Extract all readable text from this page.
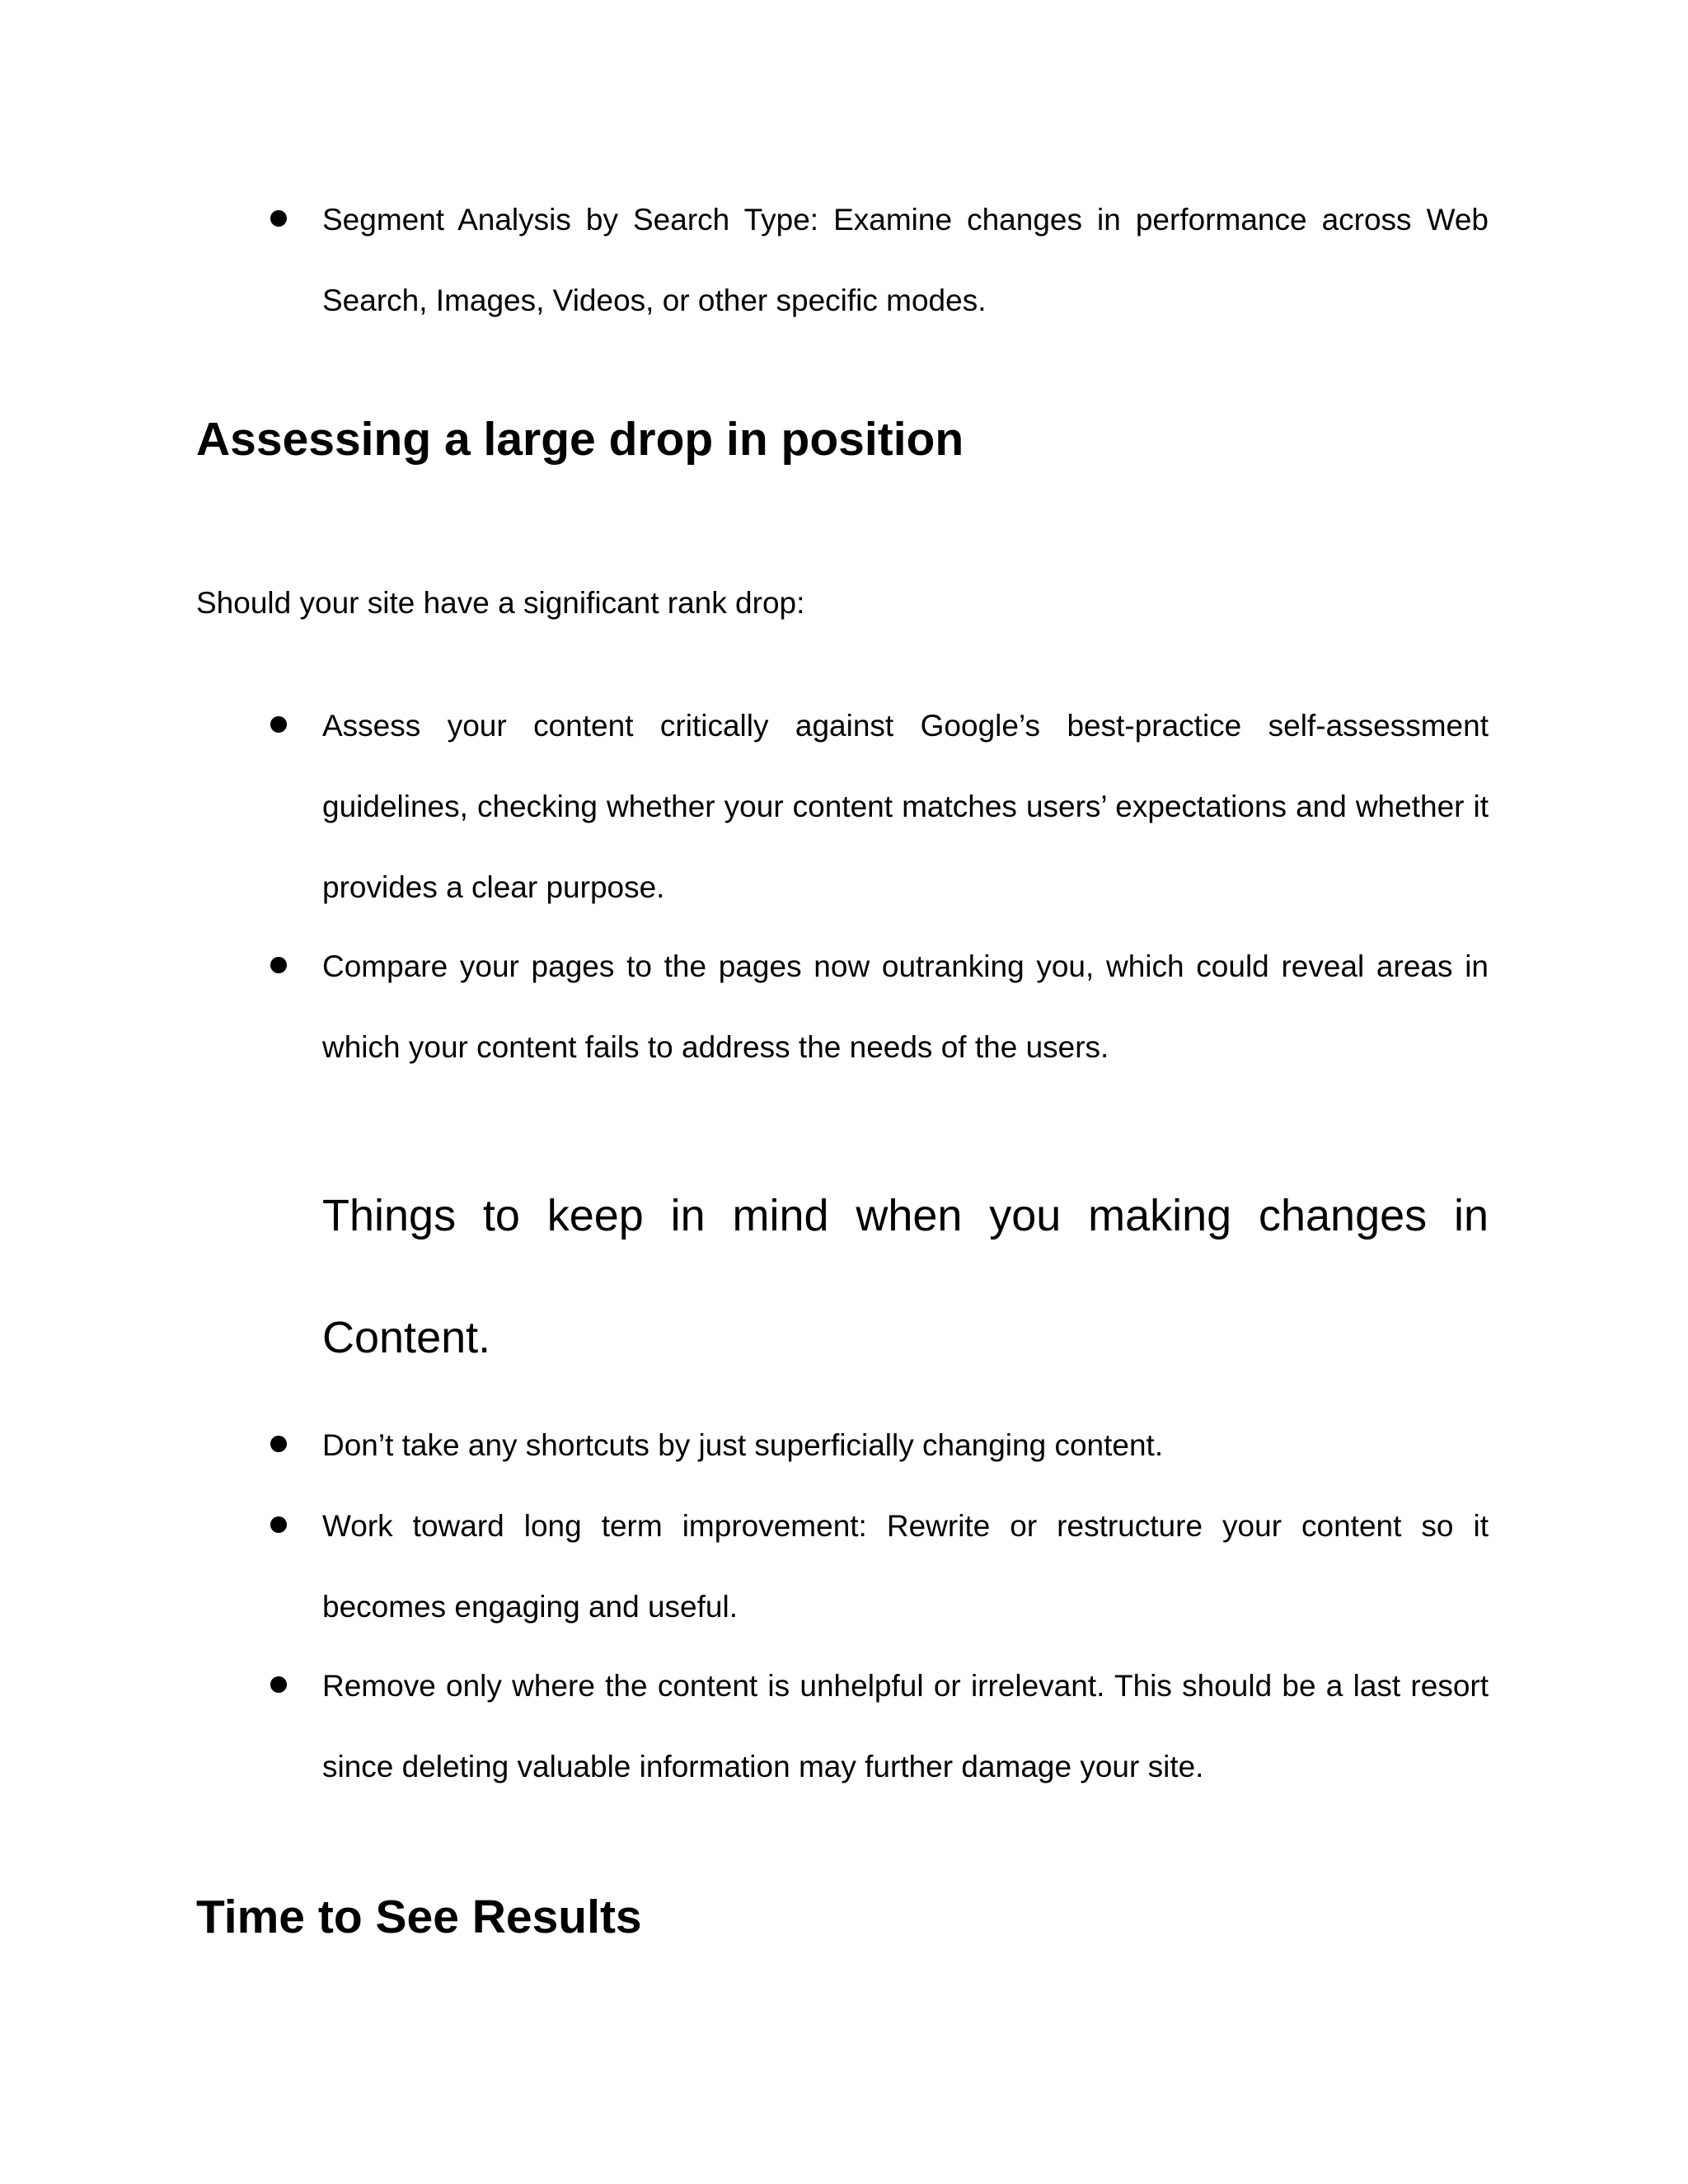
Segment Analysis by Search Type: Examine changes in performance across Web Search, Images, Videos, or other specific modes.

Assessing a large drop in position

Should your site have a significant rank drop:

Assess your content critically against Google’s best-practice self-assessment guidelines, checking whether your content matches users’ expectations and whether it provides a clear purpose.

Compare your pages to the pages now outranking you, which could reveal areas in which your content fails to address the needs of the users.

Things to keep in mind when you making changes in Content.

Don’t take any shortcuts by just superficially changing content.

Work toward long term improvement: Rewrite or restructure your content so it becomes engaging and useful.

Remove only where the content is unhelpful or irrelevant. This should be a last resort since deleting valuable information may further damage your site.

Time to See Results
